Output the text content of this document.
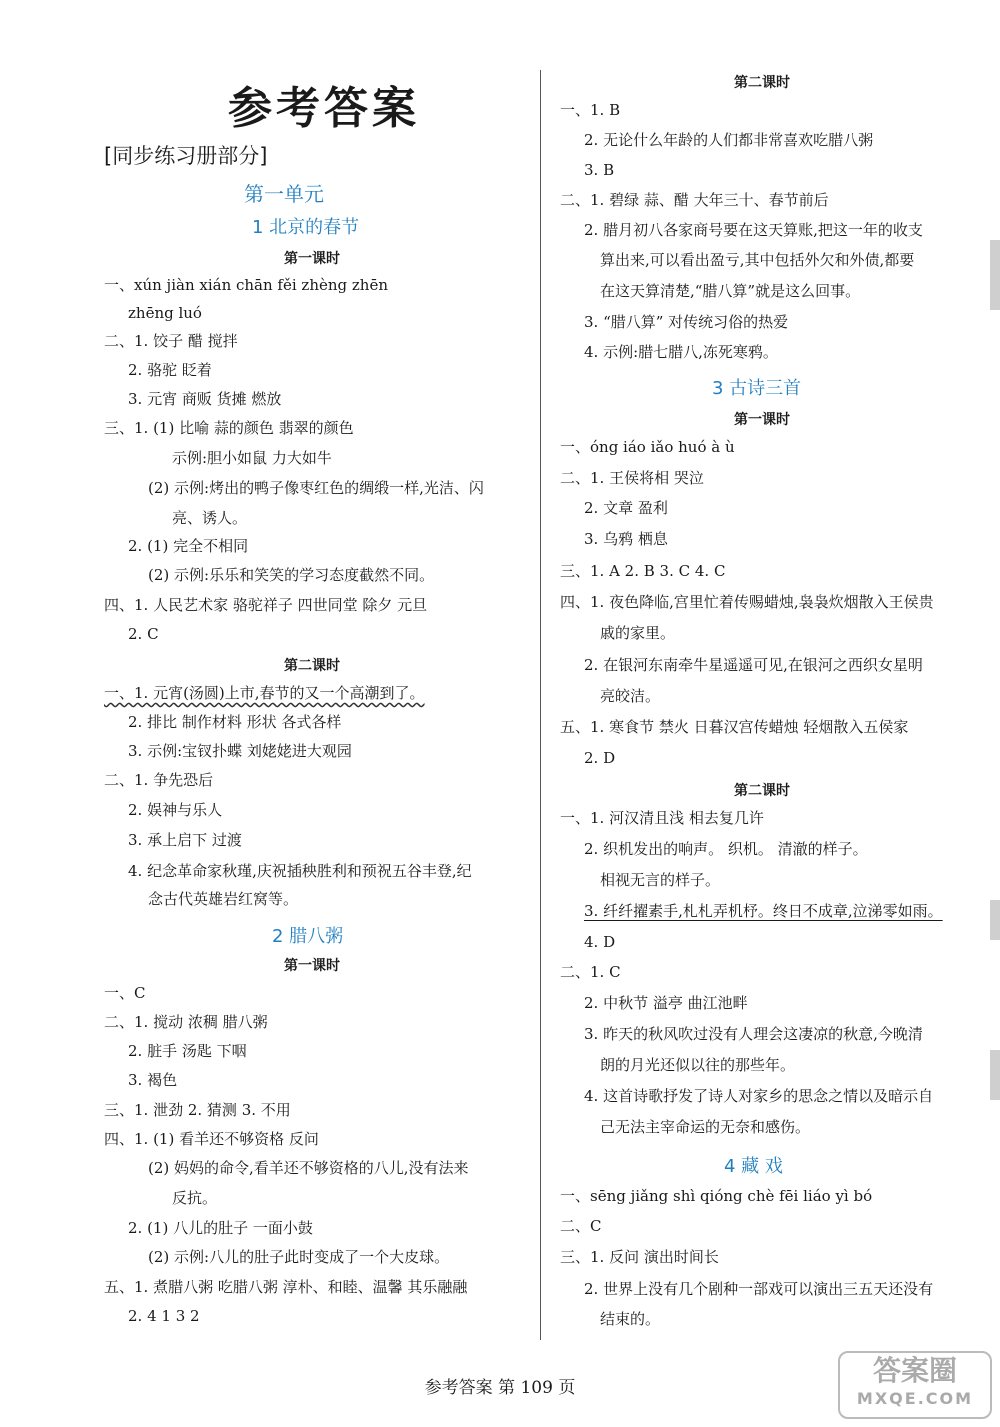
参考答案
[同步练习册部分]
第一单元
1 北京的春节
第一课时
一、xún jiàn xián chān fěi zhèng zhēn
zhēng luó
二、1. 饺子 醋 搅拌
2. 骆驼 眨着
3. 元宵 商贩 货摊 燃放
三、1. (1) 比喻 蒜的颜色 翡翠的颜色
示例:胆小如鼠 力大如牛
(2) 示例:烤出的鸭子像枣红色的绸缎一样,光洁、闪
亮、诱人。
2. (1) 完全不相同
(2) 示例:乐乐和笑笑的学习态度截然不同。
四、1. 人民艺术家 骆驼祥子 四世同堂 除夕 元旦
2. C
第二课时
一、1. 元宵(汤圆)上市,春节的又一个高潮到了。
2. 排比 制作材料 形状 各式各样
3. 示例:宝钗扑蝶 刘姥姥进大观园
二、1. 争先恐后
2. 娱神与乐人
3. 承上启下 过渡
4. 纪念革命家秋瑾,庆祝插秧胜利和预祝五谷丰登,纪
念古代英雄岩红窝等。
2 腊八粥
第一课时
一、C
二、1. 搅动 浓稠 腊八粥
2. 脏手 汤匙 下咽
3. 褐色
三、1. 泄劲 2. 猜测 3. 不用
四、1. (1) 看羊还不够资格 反问
(2) 妈妈的命令,看羊还不够资格的八儿,没有法来
反抗。
2. (1) 八儿的肚子 一面小鼓
(2) 示例:八儿的肚子此时变成了一个大皮球。
五、1. 煮腊八粥 吃腊八粥 淳朴、和睦、温馨 其乐融融
2. 4 1 3 2
第二课时
一、1. B
2. 无论什么年龄的人们都非常喜欢吃腊八粥
3. B
二、1. 碧绿 蒜、醋 大年三十、春节前后
2. 腊月初八各家商号要在这天算账,把这一年的收支
算出来,可以看出盈亏,其中包括外欠和外债,都要
在这天算清楚,“腊八算”就是这么回事。
3. “腊八算” 对传统习俗的热爱
4. 示例:腊七腊八,冻死寒鸦。
3 古诗三首
第一课时
一、óng iáo iǎo huó à ù
二、1. 王侯将相 哭泣
2. 文章 盈利
3. 乌鸦 栖息
三、1. A 2. B 3. C 4. C
四、1. 夜色降临,宫里忙着传赐蜡烛,袅袅炊烟散入王侯贵
戚的家里。
2. 在银河东南牵牛星遥遥可见,在银河之西织女星明
亮皎洁。
五、1. 寒食节 禁火 日暮汉宫传蜡烛 轻烟散入五侯家
2. D
第二课时
一、1. 河汉清且浅 相去复几许
2. 织机发出的响声。 织机。 清澈的样子。
相视无言的样子。
3. 纤纤擢素手,札札弄机杼。终日不成章,泣涕零如雨。
4. D
二、1. C
2. 中秋节 溢亭 曲江池畔
3. 昨天的秋风吹过没有人理会这凄凉的秋意,今晚清
朗的月光还似以往的那些年。
4. 这首诗歌抒发了诗人对家乡的思念之情以及暗示自
己无法主宰命运的无奈和感伤。
4 藏 戏
一、sēng jiǎng shì qióng chè fēi liáo yì bó
二、C
三、1. 反问 演出时间长
2. 世界上没有几个剧种一部戏可以演出三五天还没有
结束的。
参考答案 第 109 页
答案圈
MXQE.COM
